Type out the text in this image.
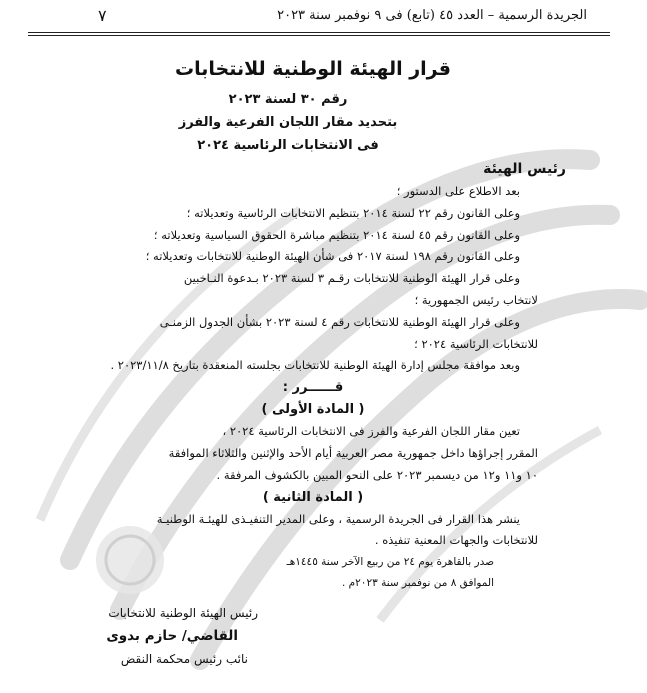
٧	الجريدة الرسمية – العدد ٤٥ (تابع) فى ٩ نوفمبر سنة ٢٠٢٣
قرار الهيئة الوطنية للانتخابات
رقم ٣٠ لسنة ٢٠٢٣
بتحديد مقار اللجان الفرعية والفرز
فى الانتخابات الرئاسية ٢٠٢٤
رئيس الهيئة
بعد الاطلاع على الدستور ؛
وعلى القانون رقم ٢٢ لسنة ٢٠١٤ بتنظيم الانتخابات الرئاسية وتعديلاته ؛
وعلى القانون رقم ٤٥ لسنة ٢٠١٤ بتنظيم مباشرة الحقوق السياسية وتعديلاته ؛
وعلى القانون رقم ١٩٨ لسنة ٢٠١٧ فى شأن الهيئة الوطنية للانتخابات وتعديلاته ؛
وعلى قرار الهيئة الوطنية للانتخابات رقـم ٣ لسنة ٢٠٢٣ بـدعوة النـاخبين
لانتخاب رئيس الجمهورية ؛
وعلى قرار الهيئة الوطنية للانتخابات رقم ٤ لسنة ٢٠٢٣ بشأن الجدول الزمنـى
للانتخابات الرئاسية ٢٠٢٤ ؛
وبعد موافقة مجلس إدارة الهيئة الوطنية للانتخابات بجلسته المنعقدة بتاريخ ٢٠٢٣/١١/٨ .
قــــــرر :
( المادة الأولى )
تعين مقار اللجان الفرعية والفرز فى الانتخابات الرئاسية ٢٠٢٤ ،
المقرر إجراؤها داخل جمهورية مصر العربية أيام الأحد والإثنين والثلاثاء الموافقة
١٠ و١١ و١٢ من ديسمبر ٢٠٢٣ على النحو المبين بالكشوف المرفقة .
( المادة الثانية )
ينشر هذا القرار فى الجريدة الرسمية ، وعلى المدير التنفيـذى للهيئـة الوطنيـة
للانتخابات والجهات المعنية تنفيذه .
صدر بالقاهرة يوم ٢٤ من ربيع الآخر سنة ١٤٤٥هـ
الموافق ٨ من نوفمبر سنة ٢٠٢٣م .
رئيس الهيئة الوطنية للانتخابات
القاضي/ حازم بدوى
نائب رئيس محكمة النقض
